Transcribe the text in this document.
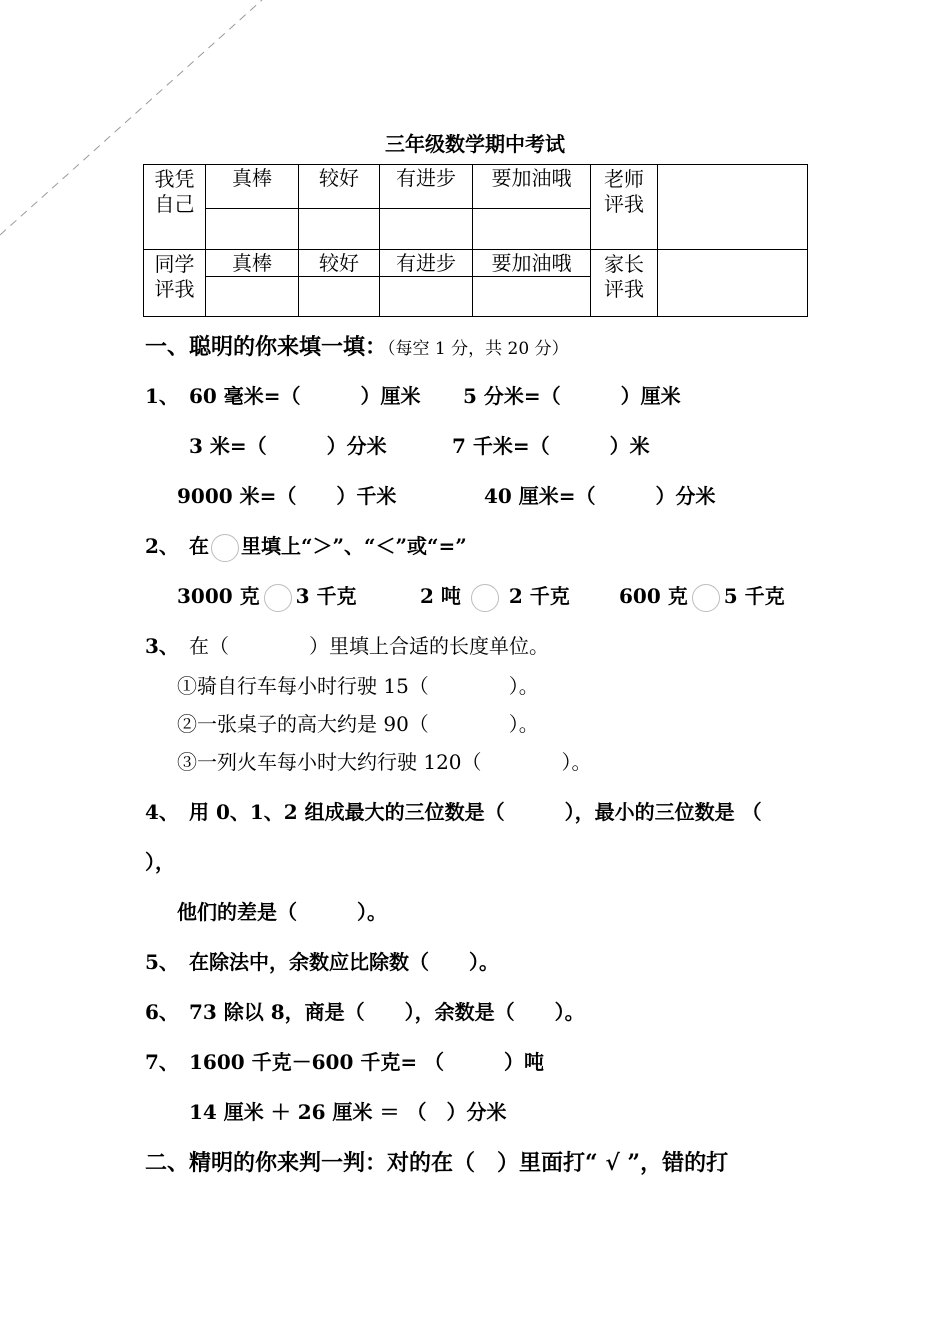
三年级数学期中考试
我凭自己	真棒	较好	有进步	要加油哦	老师评我	

同学评我	真棒	较好	有进步	要加油哦	家长评我	

一、聪明的你来填一填：（每空 1 分，共 20 分）
1、 60 毫米=（　　　）厘米 5 分米=（　　　）厘米
3 米=（　　　）分米	7 千米=（　　　）米
9000 米=（　　）千米	40 厘米=（　　　）分米
2、 在 里填上“＞”、“＜”或“=”
3000 克 3 千克	2 吨 2 千克 600 克 5 千克
3、 在（　　　　）里填上合适的长度单位。
①骑自行车每小时行驶 15（　　　　）。
②一张桌子的高大约是 90（　　　　）。
③一列火车每小时大约行驶 120（　　　　）。
4、 用 0、1、2 组成最大的三位数是（　　　），最小的三位数是 （
），
他们的差是（　　　）。
5、 在除法中，余数应比除数（　　）。
6、 73 除以 8，商是（　　），余数是（　　）。
7、 1600 千克－600 千克= （　　　）吨
14 厘米 ＋ 26 厘米 ＝ （　）分米
二、精明的你来判一判：对的在（　）里面打“ √ ”，错的打
